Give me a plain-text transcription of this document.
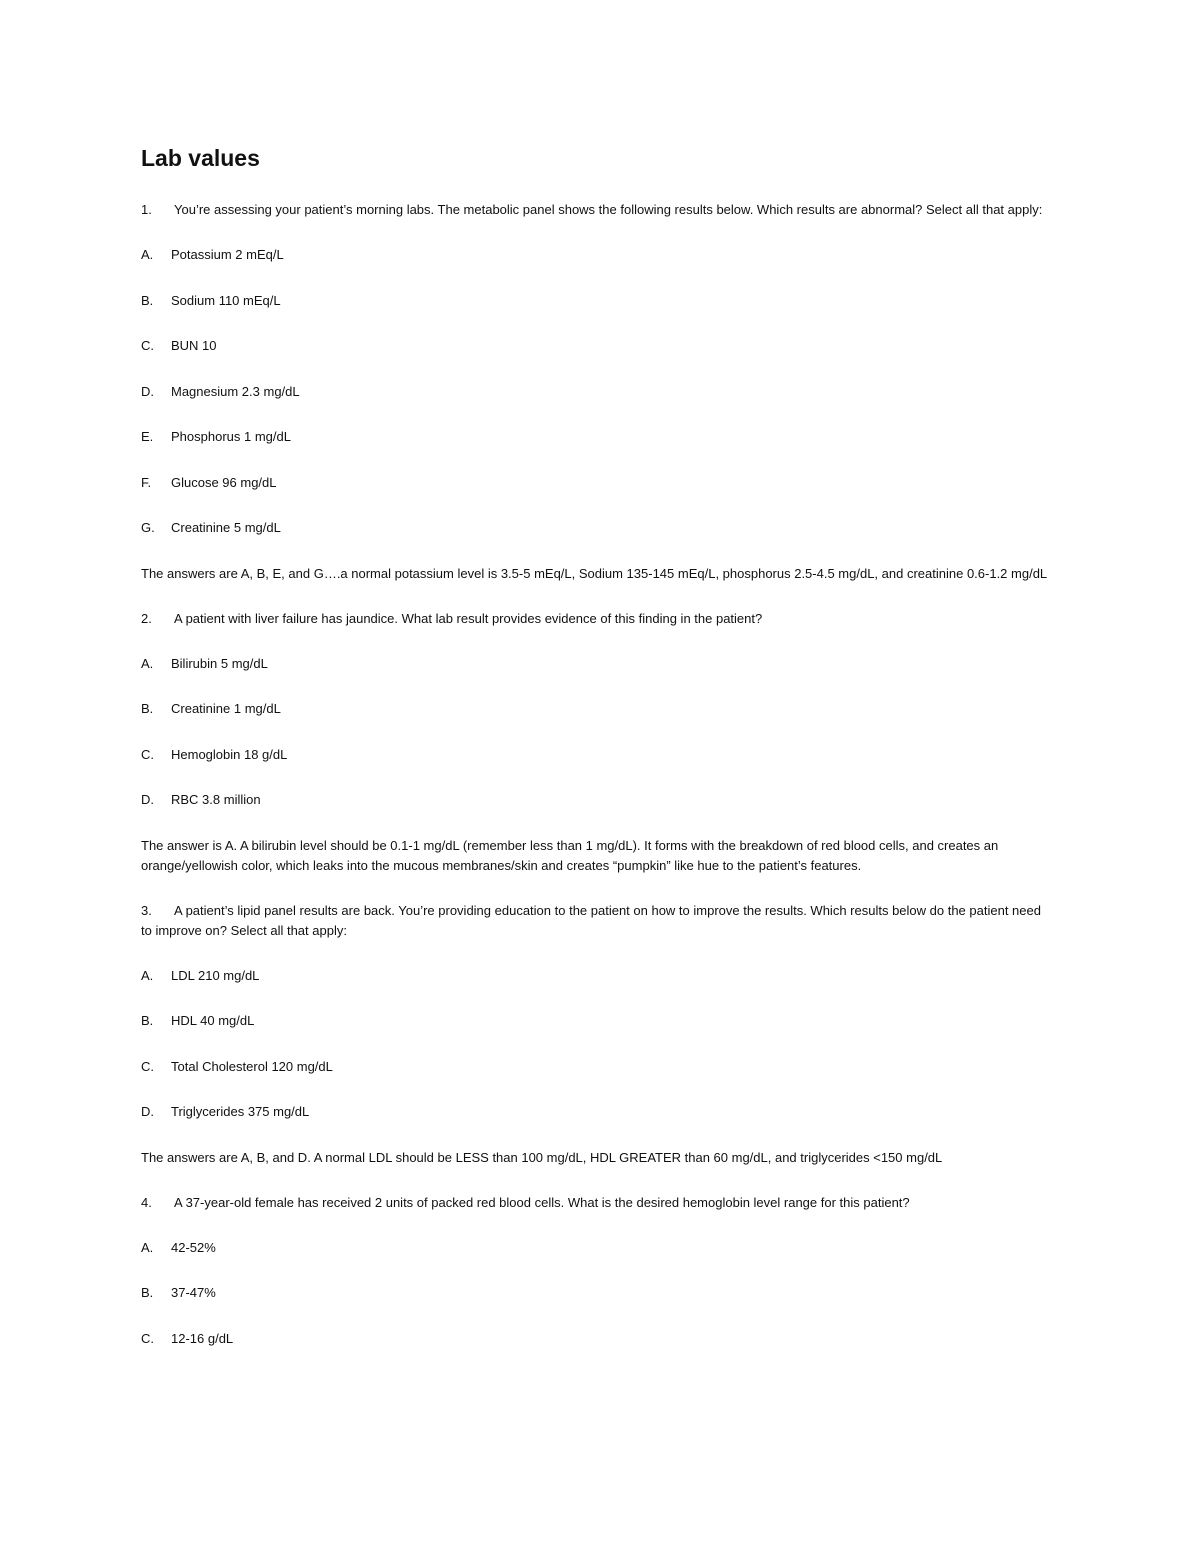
Lab values

1. You’re assessing your patient’s morning labs. The metabolic panel shows the following results below. Which results are abnormal? Select all that apply:

A. Potassium 2 mEq/L

B. Sodium 110 mEq/L

C. BUN 10

D. Magnesium 2.3 mg/dL

E. Phosphorus 1 mg/dL

F. Glucose 96 mg/dL

G. Creatinine 5 mg/dL

The answers are A, B, E, and G….a normal potassium level is 3.5-5 mEq/L, Sodium 135-145 mEq/L, phosphorus 2.5-4.5 mg/dL, and creatinine 0.6-1.2 mg/dL

2. A patient with liver failure has jaundice. What lab result provides evidence of this finding in the patient?

A. Bilirubin 5 mg/dL

B. Creatinine 1 mg/dL

C. Hemoglobin 18 g/dL

D. RBC 3.8 million

The answer is A. A bilirubin level should be 0.1-1 mg/dL (remember less than 1 mg/dL). It forms with the breakdown of red blood cells, and creates an orange/yellowish color, which leaks into the mucous membranes/skin and creates “pumpkin” like hue to the patient’s features.

3. A patient’s lipid panel results are back. You’re providing education to the patient on how to improve the results. Which results below do the patient need to improve on? Select all that apply:

A. LDL 210 mg/dL

B. HDL 40 mg/dL

C. Total Cholesterol 120 mg/dL

D. Triglycerides 375 mg/dL

The answers are A, B, and D. A normal LDL should be LESS than 100 mg/dL, HDL GREATER than 60 mg/dL, and triglycerides <150 mg/dL

4. A 37-year-old female has received 2 units of packed red blood cells. What is the desired hemoglobin level range for this patient?

A. 42-52%

B. 37-47%

C. 12-16 g/dL
